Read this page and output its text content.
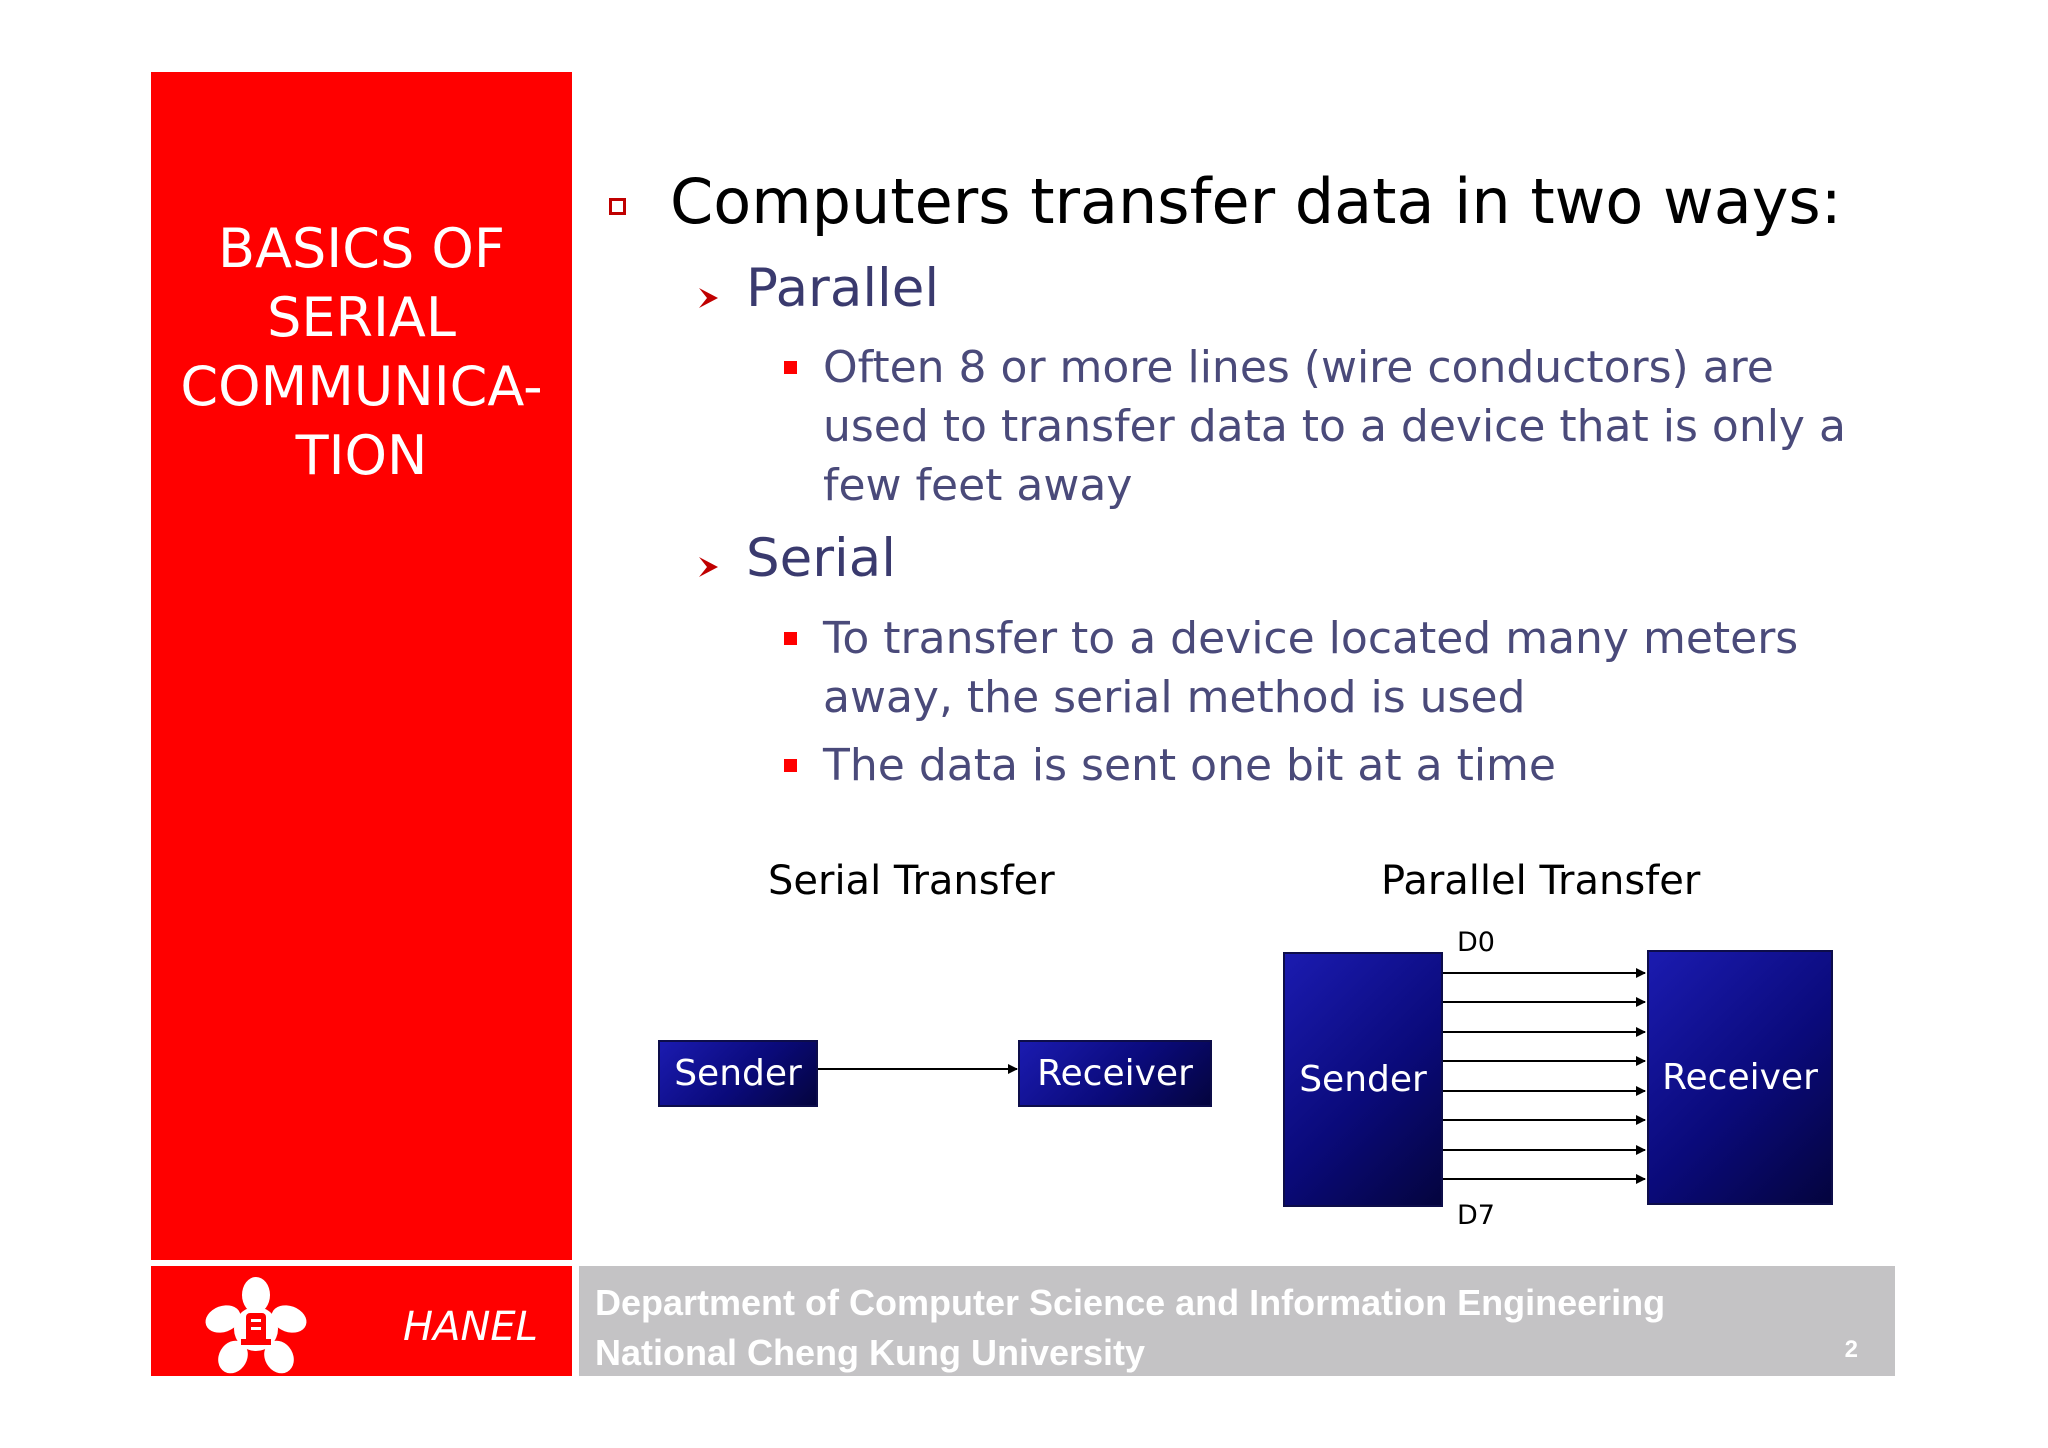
BASICS OF
SERIAL
COMMUNICA-
TION
HANEL
Department of Computer Science and Information Engineering
National Cheng Kung University	2
Computers transfer data in two ways:
Parallel
Often 8 or more lines (wire conductors) are
used to transfer data to a device that is only a
few feet away
Serial
To transfer to a device located many meters
away, the serial method is used
The data is sent one bit at a time
Serial Transfer	Parallel Transfer
Sender	Receiver	Sender	Receiver
D0
D7
